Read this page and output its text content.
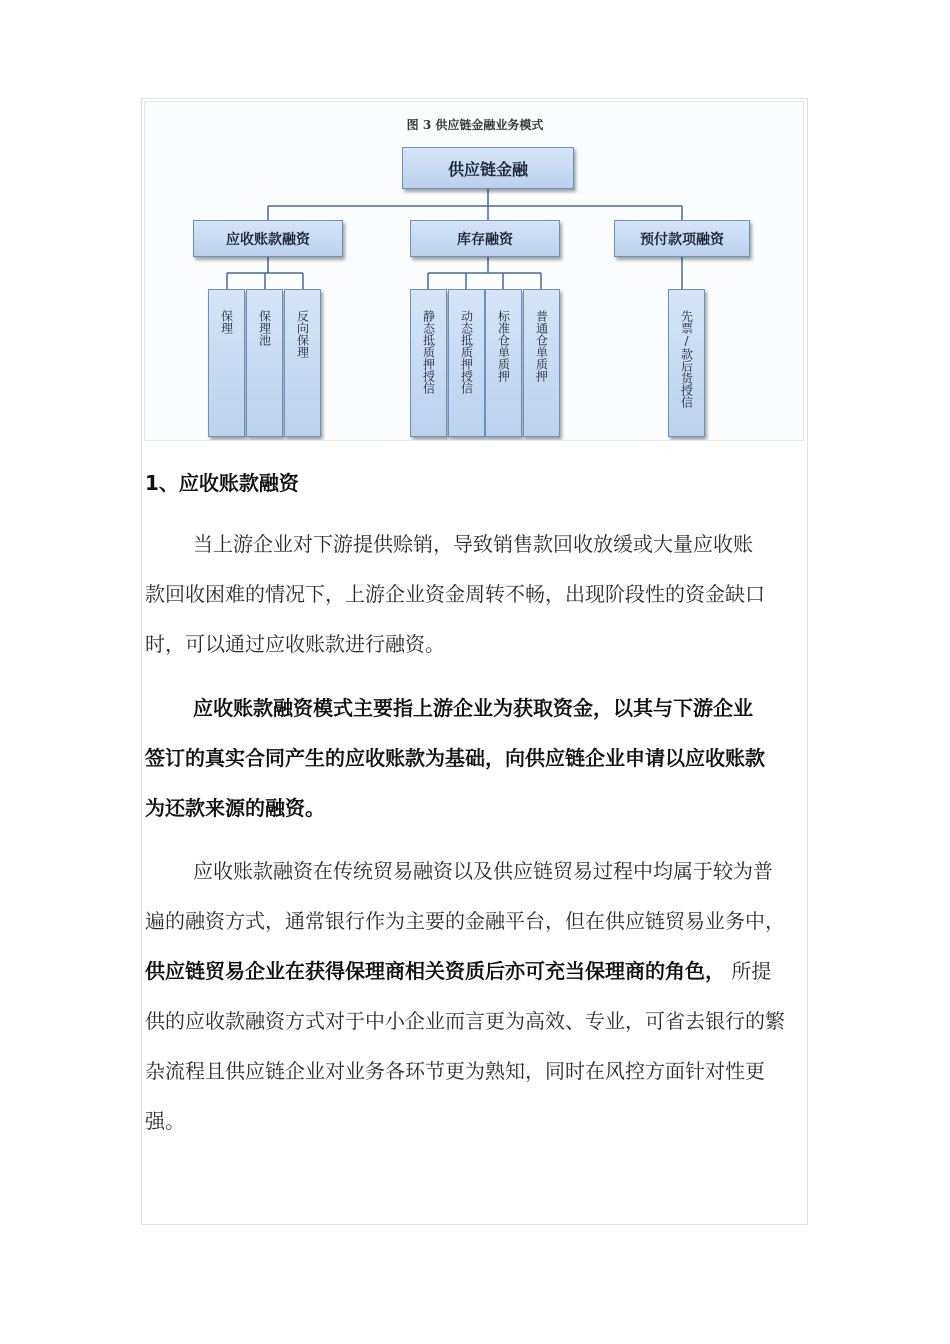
图 3 供应链金融业务模式
供应链金融
应收账款融资	库存融资	预付款项融资
保理 保理池 反向保理	静态抵质押授信 动态抵质押授信 标准仓单质押 普通仓单质押	先票/款后货授信
1、应收账款融资

当上游企业对下游提供赊销，导致销售款回收放缓或大量应收账款回收困难的情况下，上游企业资金周转不畅，出现阶段性的资金缺口时，可以通过应收账款进行融资。

应收账款融资模式主要指上游企业为获取资金，以其与下游企业签订的真实合同产生的应收账款为基础，向供应链企业申请以应收账款为还款来源的融资。

应收账款融资在传统贸易融资以及供应链贸易过程中均属于较为普遍的融资方式，通常银行作为主要的金融平台，但在供应链贸易业务中， 供应链贸易企业在获得保理商相关资质后亦可充当保理商的角色， 所提供的应收款融资方式对于中小企业而言更为高效、专业，可省去银行的繁杂流程且供应链企业对业务各环节更为熟知，同时在风控方面针对性更强。
